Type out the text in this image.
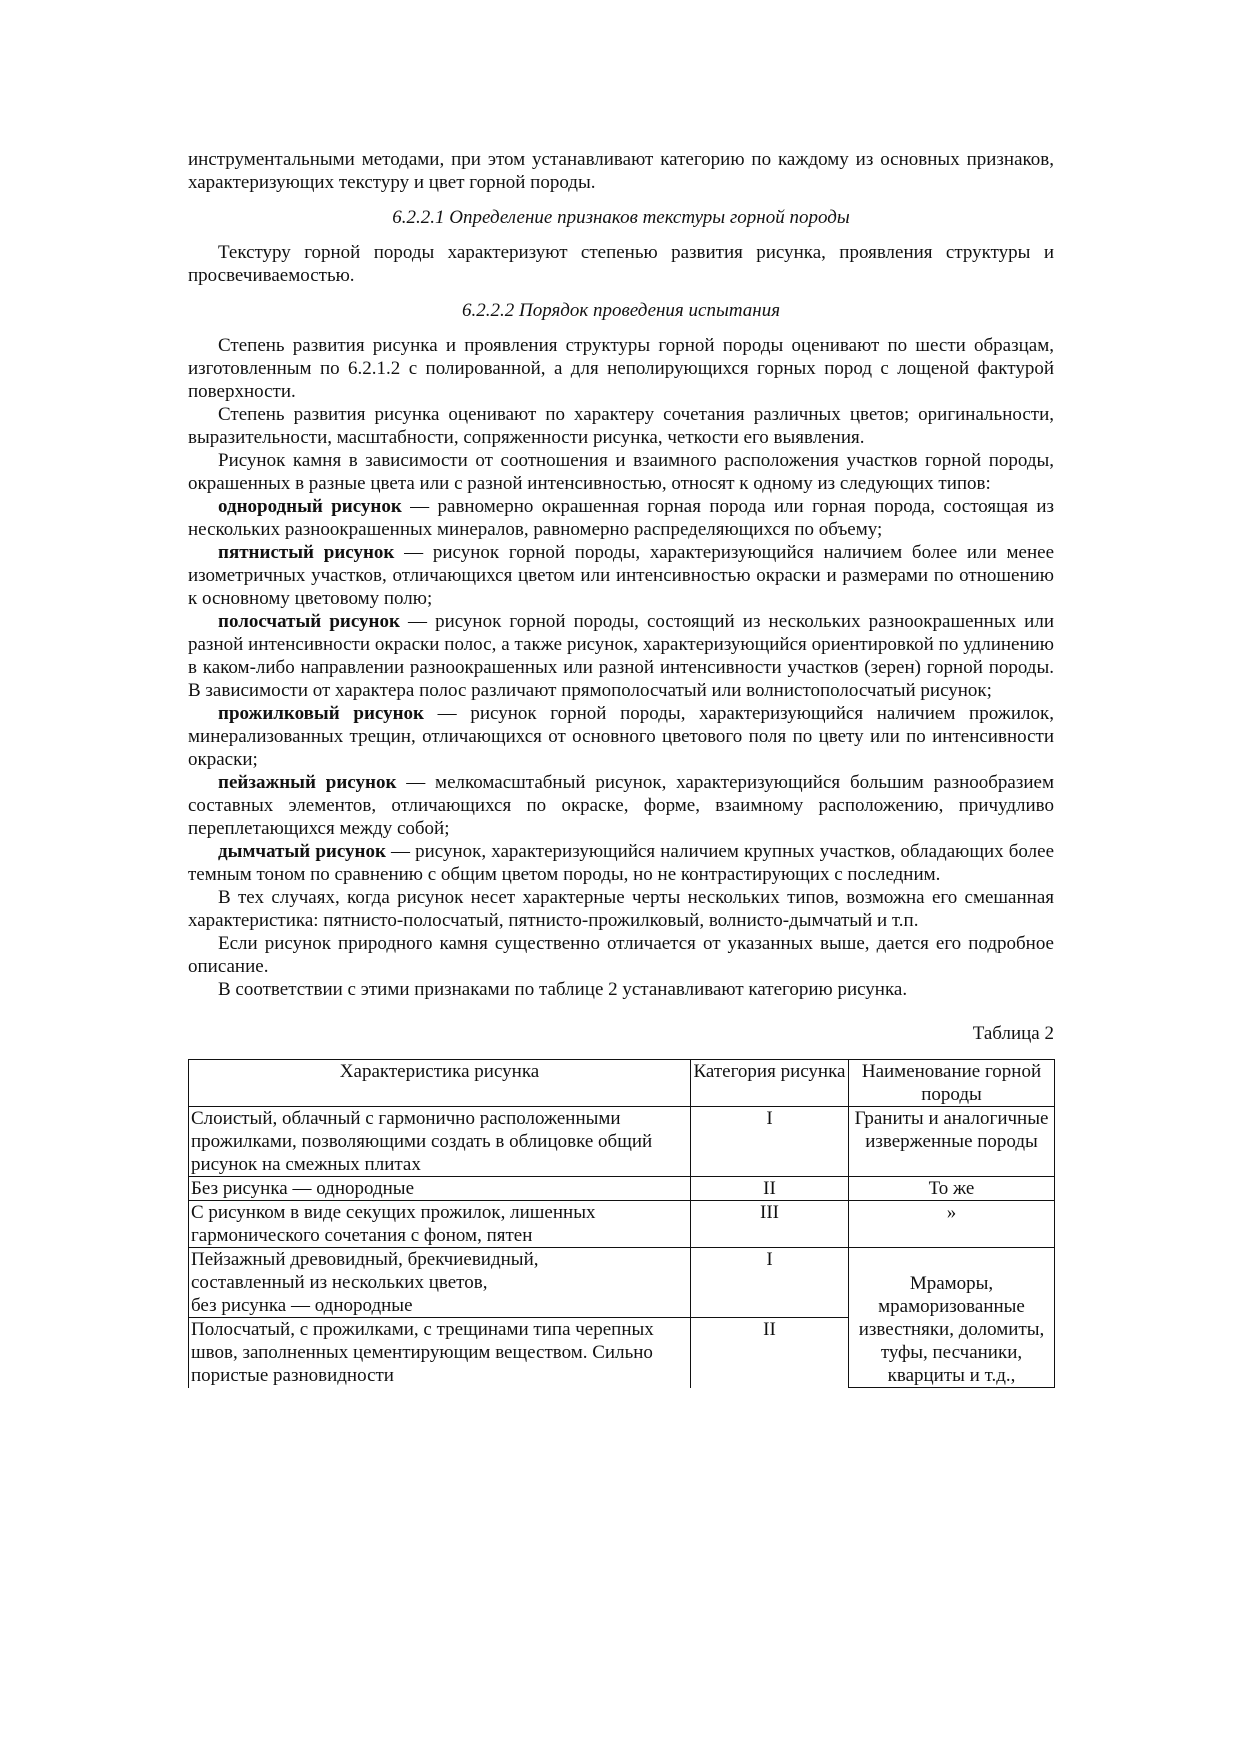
инструментальными методами, при этом устанавливают категорию по каждому из основных признаков, характеризующих текстуру и цвет горной породы.

6.2.2.1 Определение признаков текстуры горной породы

Текстуру горной породы характеризуют степенью развития рисунка, проявления структуры и просвечиваемостью.

6.2.2.2 Порядок проведения испытания

Степень развития рисунка и проявления структуры горной породы оценивают по шести образцам, изготовленным по 6.2.1.2 с полированной, а для неполирующихся горных пород с лощеной фактурой поверхности.

Степень развития рисунка оценивают по характеру сочетания различных цветов; оригинальности, выразительности, масштабности, сопряженности рисунка, четкости его выявления.

Рисунок камня в зависимости от соотношения и взаимного расположения участков горной породы, окрашенных в разные цвета или с разной интенсивностью, относят к одному из следующих типов:

однородный рисунок — равномерно окрашенная горная порода или горная порода, состоящая из нескольких разноокрашенных минералов, равномерно распределяющихся по объему;

пятнистый рисунок — рисунок горной породы, характеризующийся наличием более или менее изометричных участков, отличающихся цветом или интенсивностью окраски и размерами по отношению к основному цветовому полю;

полосчатый рисунок — рисунок горной породы, состоящий из нескольких разноокрашенных или разной интенсивности окраски полос, а также рисунок, характеризующийся ориентировкой по удлинению в каком-либо направлении разноокрашенных или разной интенсивности участков (зерен) горной породы. В зависимости от характера полос различают прямополосчатый или волнистополосчатый рисунок;

прожилковый рисунок — рисунок горной породы, характеризующийся наличием прожилок, минерализованных трещин, отличающихся от основного цветового поля по цвету или по интенсивности окраски;

пейзажный рисунок — мелкомасштабный рисунок, характеризующийся большим разнообразием составных элементов, отличающихся по окраске, форме, взаимному расположению, причудливо переплетающихся между собой;

дымчатый рисунок — рисунок, характеризующийся наличием крупных участков, обладающих более темным тоном по сравнению с общим цветом породы, но не контрастирующих с последним.

В тех случаях, когда рисунок несет характерные черты нескольких типов, возможна его смешанная характеристика: пятнисто-полосчатый, пятнисто-прожилковый, волнисто-дымчатый и т.п.

Если рисунок природного камня существенно отличается от указанных выше, дается его подробное описание.

В соответствии с этими признаками по таблице 2 устанавливают категорию рисунка.

Таблица 2

Характеристика рисунка	Категория рисунка	Наименование горной породы
Слоистый, облачный с гармонично расположенными прожилками, позволяющими создать в облицовке общий рисунок на смежных плитах	I	Граниты и аналогичные изверженные породы
Без рисунка — однородные	II	То же
С рисунком в виде секущих прожилок, лишенных гармонического сочетания с фоном, пятен	III	»
Пейзажный древовидный, брекчиевидный,
составленный из нескольких цветов,
без рисунка — однородные	I	Мраморы, мраморизованные известняки, доломиты, туфы, песчаники, кварциты и т.д.,
Полосчатый, с прожилками, с трещинами типа черепных швов, заполненных цементирующим веществом. Сильно пористые разновидности	II	
